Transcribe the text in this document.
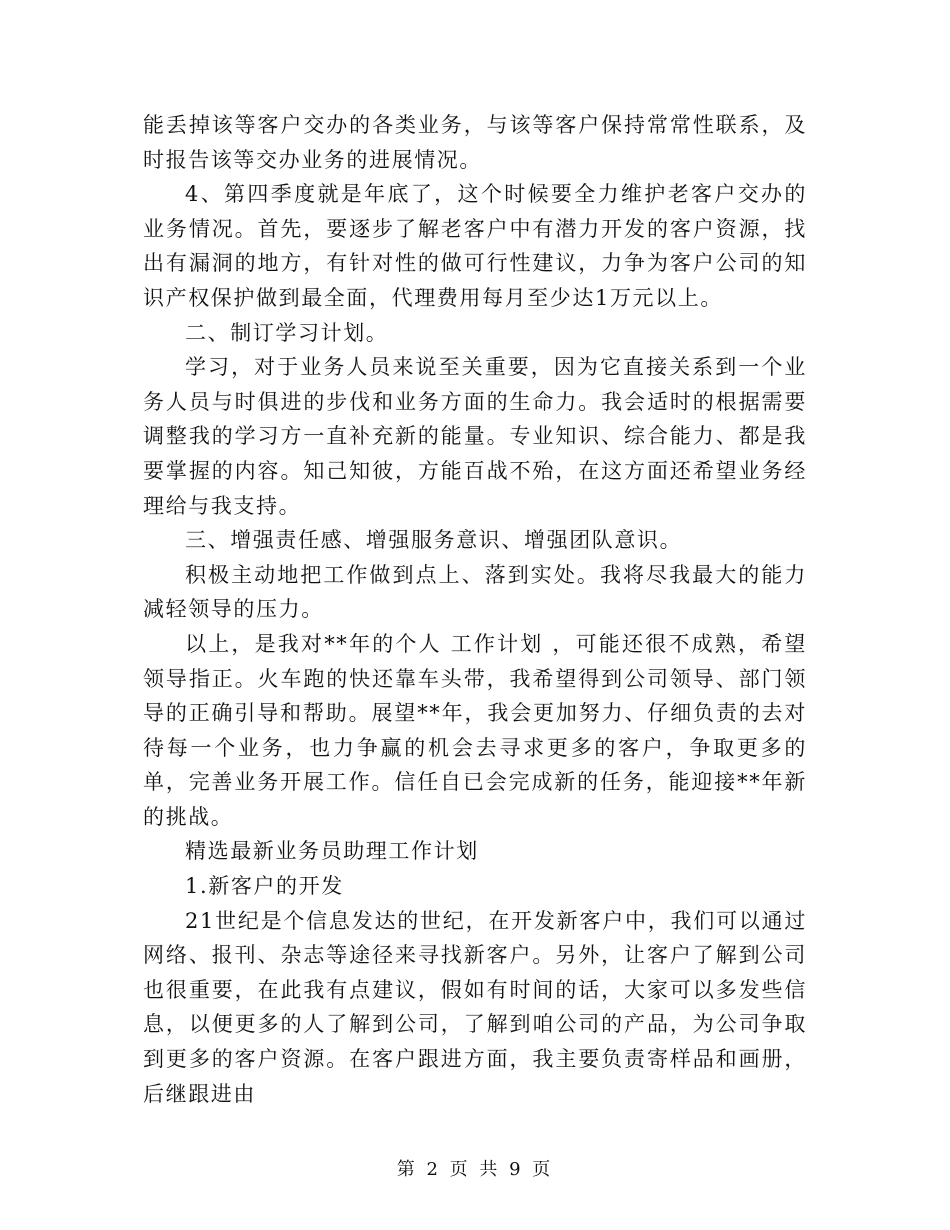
能丢掉该等客户交办的各类业务，与该等客户保持常常性联系，及时报告该等交办业务的进展情况。

4、第四季度就是年底了，这个时候要全力维护老客户交办的业务情况。首先，要逐步了解老客户中有潜力开发的客户资源，找出有漏洞的地方，有针对性的做可行性建议，力争为客户公司的知识产权保护做到最全面，代理费用每月至少达1万元以上。

二、制订学习计划。

学习，对于业务人员来说至关重要，因为它直接关系到一个业务人员与时俱进的步伐和业务方面的生命力。我会适时的根据需要调整我的学习方一直补充新的能量。专业知识、综合能力、都是我要掌握的内容。知己知彼，方能百战不殆，在这方面还希望业务经理给与我支持。

三、增强责任感、增强服务意识、增强团队意识。

积极主动地把工作做到点上、落到实处。我将尽我最大的能力减轻领导的压力。

以上，是我对**年的个人 工作计划 ，可能还很不成熟，希望领导指正。火车跑的快还靠车头带，我希望得到公司领导、部门领导的正确引导和帮助。展望**年，我会更加努力、仔细负责的去对待每一个业务，也力争赢的机会去寻求更多的客户，争取更多的单，完善业务开展工作。信任自已会完成新的任务，能迎接**年新的挑战。

精选最新业务员助理工作计划

1.新客户的开发

21世纪是个信息发达的世纪，在开发新客户中，我们可以通过网络、报刊、杂志等途径来寻找新客户。另外，让客户了解到公司也很重要，在此我有点建议，假如有时间的话，大家可以多发些信息，以便更多的人了解到公司，了解到咱公司的产品，为公司争取到更多的客户资源。在客户跟进方面，我主要负责寄样品和画册，后继跟进由

第 2 页 共 9 页
